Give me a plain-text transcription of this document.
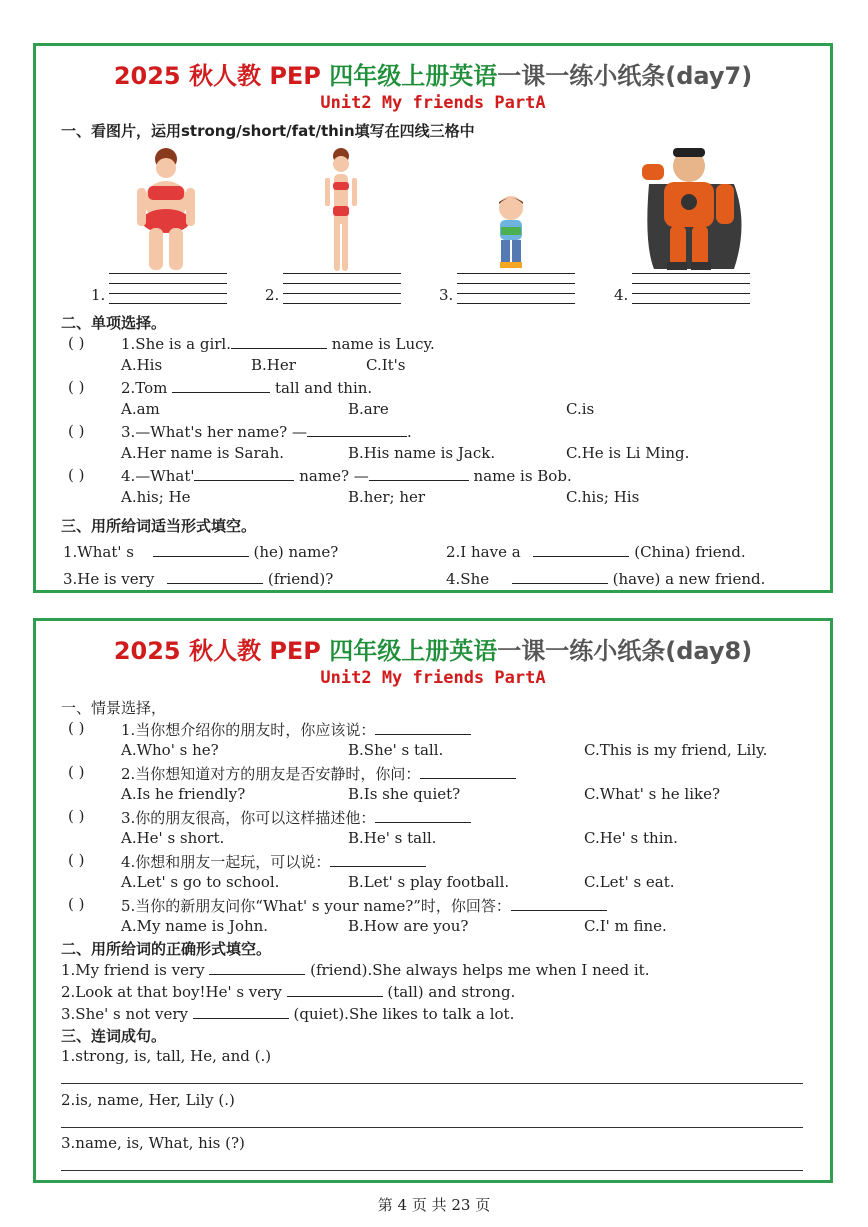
2025 秋人教 PEP 四年级上册英语一课一练小纸条(day7)
Unit2 My friends PartA
一、看图片，运用strong/short/fat/thin填写在四线三格中
1.	2.	3.	4.
二、单项选择。
( ) 1.She is a girl.	name is Lucy.
A.His	B.Her	C.It's
( ) 2.Tom	tall and thin.
A.am	B.are	C.is
( ) 3.—What's her name? —	.
A.Her name is Sarah.	B.His name is Jack.	C.He is Li Ming.
( ) 4.—What'	name? —	name is Bob.
A.his; He	B.her; her	C.his; His
三、用所给词适当形式填空。
1.What' s	(he) name?	2.I have a	(China) friend.
3.He is very	(friend)?	4.She	(have) a new friend.
2025 秋人教 PEP 四年级上册英语一课一练小纸条(day8)
Unit2 My friends PartA
一、情景选择，
( ) 1.当你想介绍你的朋友时，你应该说：
A.Who' s he?	B.She' s tall.	C.This is my friend, Lily.
( ) 2.当你想知道对方的朋友是否安静时，你问：
A.Is he friendly?	B.Is she quiet?	C.What' s he like?
( ) 3.你的朋友很高，你可以这样描述他：
A.He' s short.	B.He' s tall.	C.He' s thin.
( ) 4.你想和朋友一起玩，可以说：
A.Let' s go to school.	B.Let' s play football.	C.Let' s eat.
( ) 5.当你的新朋友问你“What' s your name?”时，你回答：
A.My name is John.	B.How are you?	C.I' m fine.
二、用所给词的正确形式填空。
1.My friend is very	(friend).She always helps me when I need it.
2.Look at that boy!He' s very	(tall) and strong.
3.She' s not very	(quiet).She likes to talk a lot.
三、连词成句。
1.strong, is, tall, He, and (.)
2.is, name, Her, Lily (.)
3.name, is, What, his (?)
第 4 页 共 23 页
